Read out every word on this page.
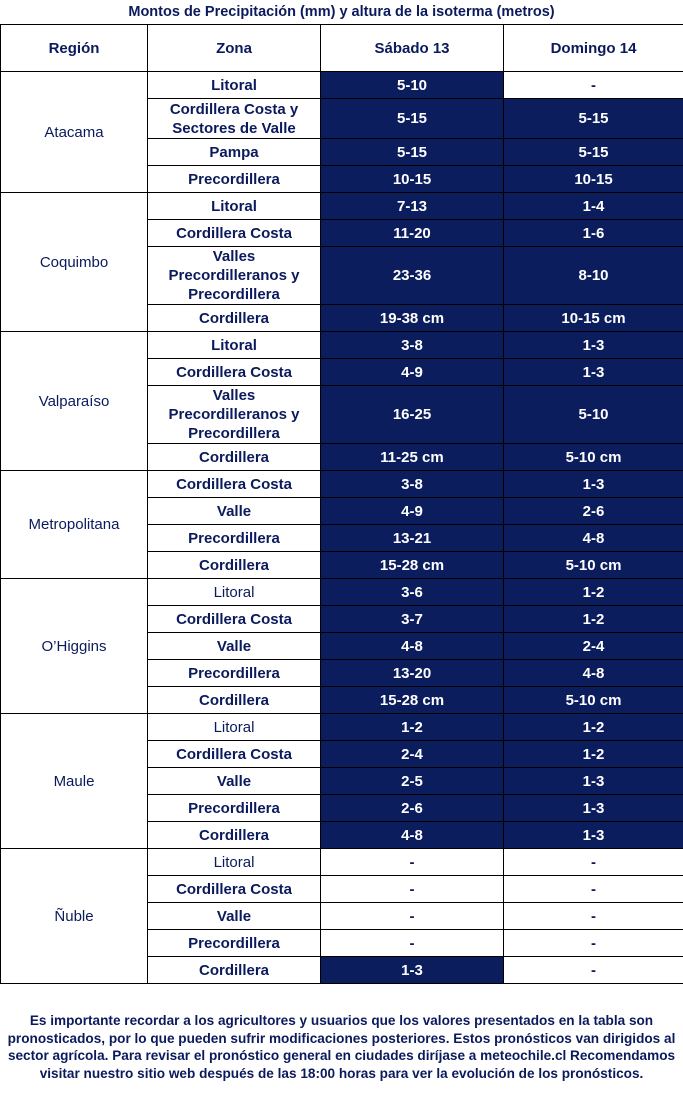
Montos de Precipitación (mm) y altura de la isoterma (metros)
Región	Zona	Sábado 13	Domingo 14
Atacama	Litoral	5-10	-
	Cordillera Costa y Sectores de Valle	5-15	5-15
	Pampa	5-15	5-15
	Precordillera	10-15	10-15
Coquimbo	Litoral	7-13	1-4
	Cordillera Costa	11-20	1-6
	Valles Precordilleranos y Precordillera	23-36	8-10
	Cordillera	19-38 cm	10-15 cm
Valparaíso	Litoral	3-8	1-3
	Cordillera Costa	4-9	1-3
	Valles Precordilleranos y Precordillera	16-25	5-10
	Cordillera	11-25 cm	5-10 cm
Metropolitana	Cordillera Costa	3-8	1-3
	Valle	4-9	2-6
	Precordillera	13-21	4-8
	Cordillera	15-28 cm	5-10 cm
O’Higgins	Litoral	3-6	1-2
	Cordillera Costa	3-7	1-2
	Valle	4-8	2-4
	Precordillera	13-20	4-8
	Cordillera	15-28 cm	5-10 cm
Maule	Litoral	1-2	1-2
	Cordillera Costa	2-4	1-2
	Valle	2-5	1-3
	Precordillera	2-6	1-3
	Cordillera	4-8	1-3
Ñuble	Litoral	-	-
	Cordillera Costa	-	-
	Valle	-	-
	Precordillera	-	-
	Cordillera	1-3	-
Es importante recordar a los agricultores y usuarios que los valores presentados en la tabla son pronosticados, por lo que pueden sufrir modificaciones posteriores. Estos pronósticos van dirigidos al sector agrícola. Para revisar el pronóstico general en ciudades diríjase a meteochile.cl Recomendamos visitar nuestro sitio web después de las 18:00 horas para ver la evolución de los pronósticos.
